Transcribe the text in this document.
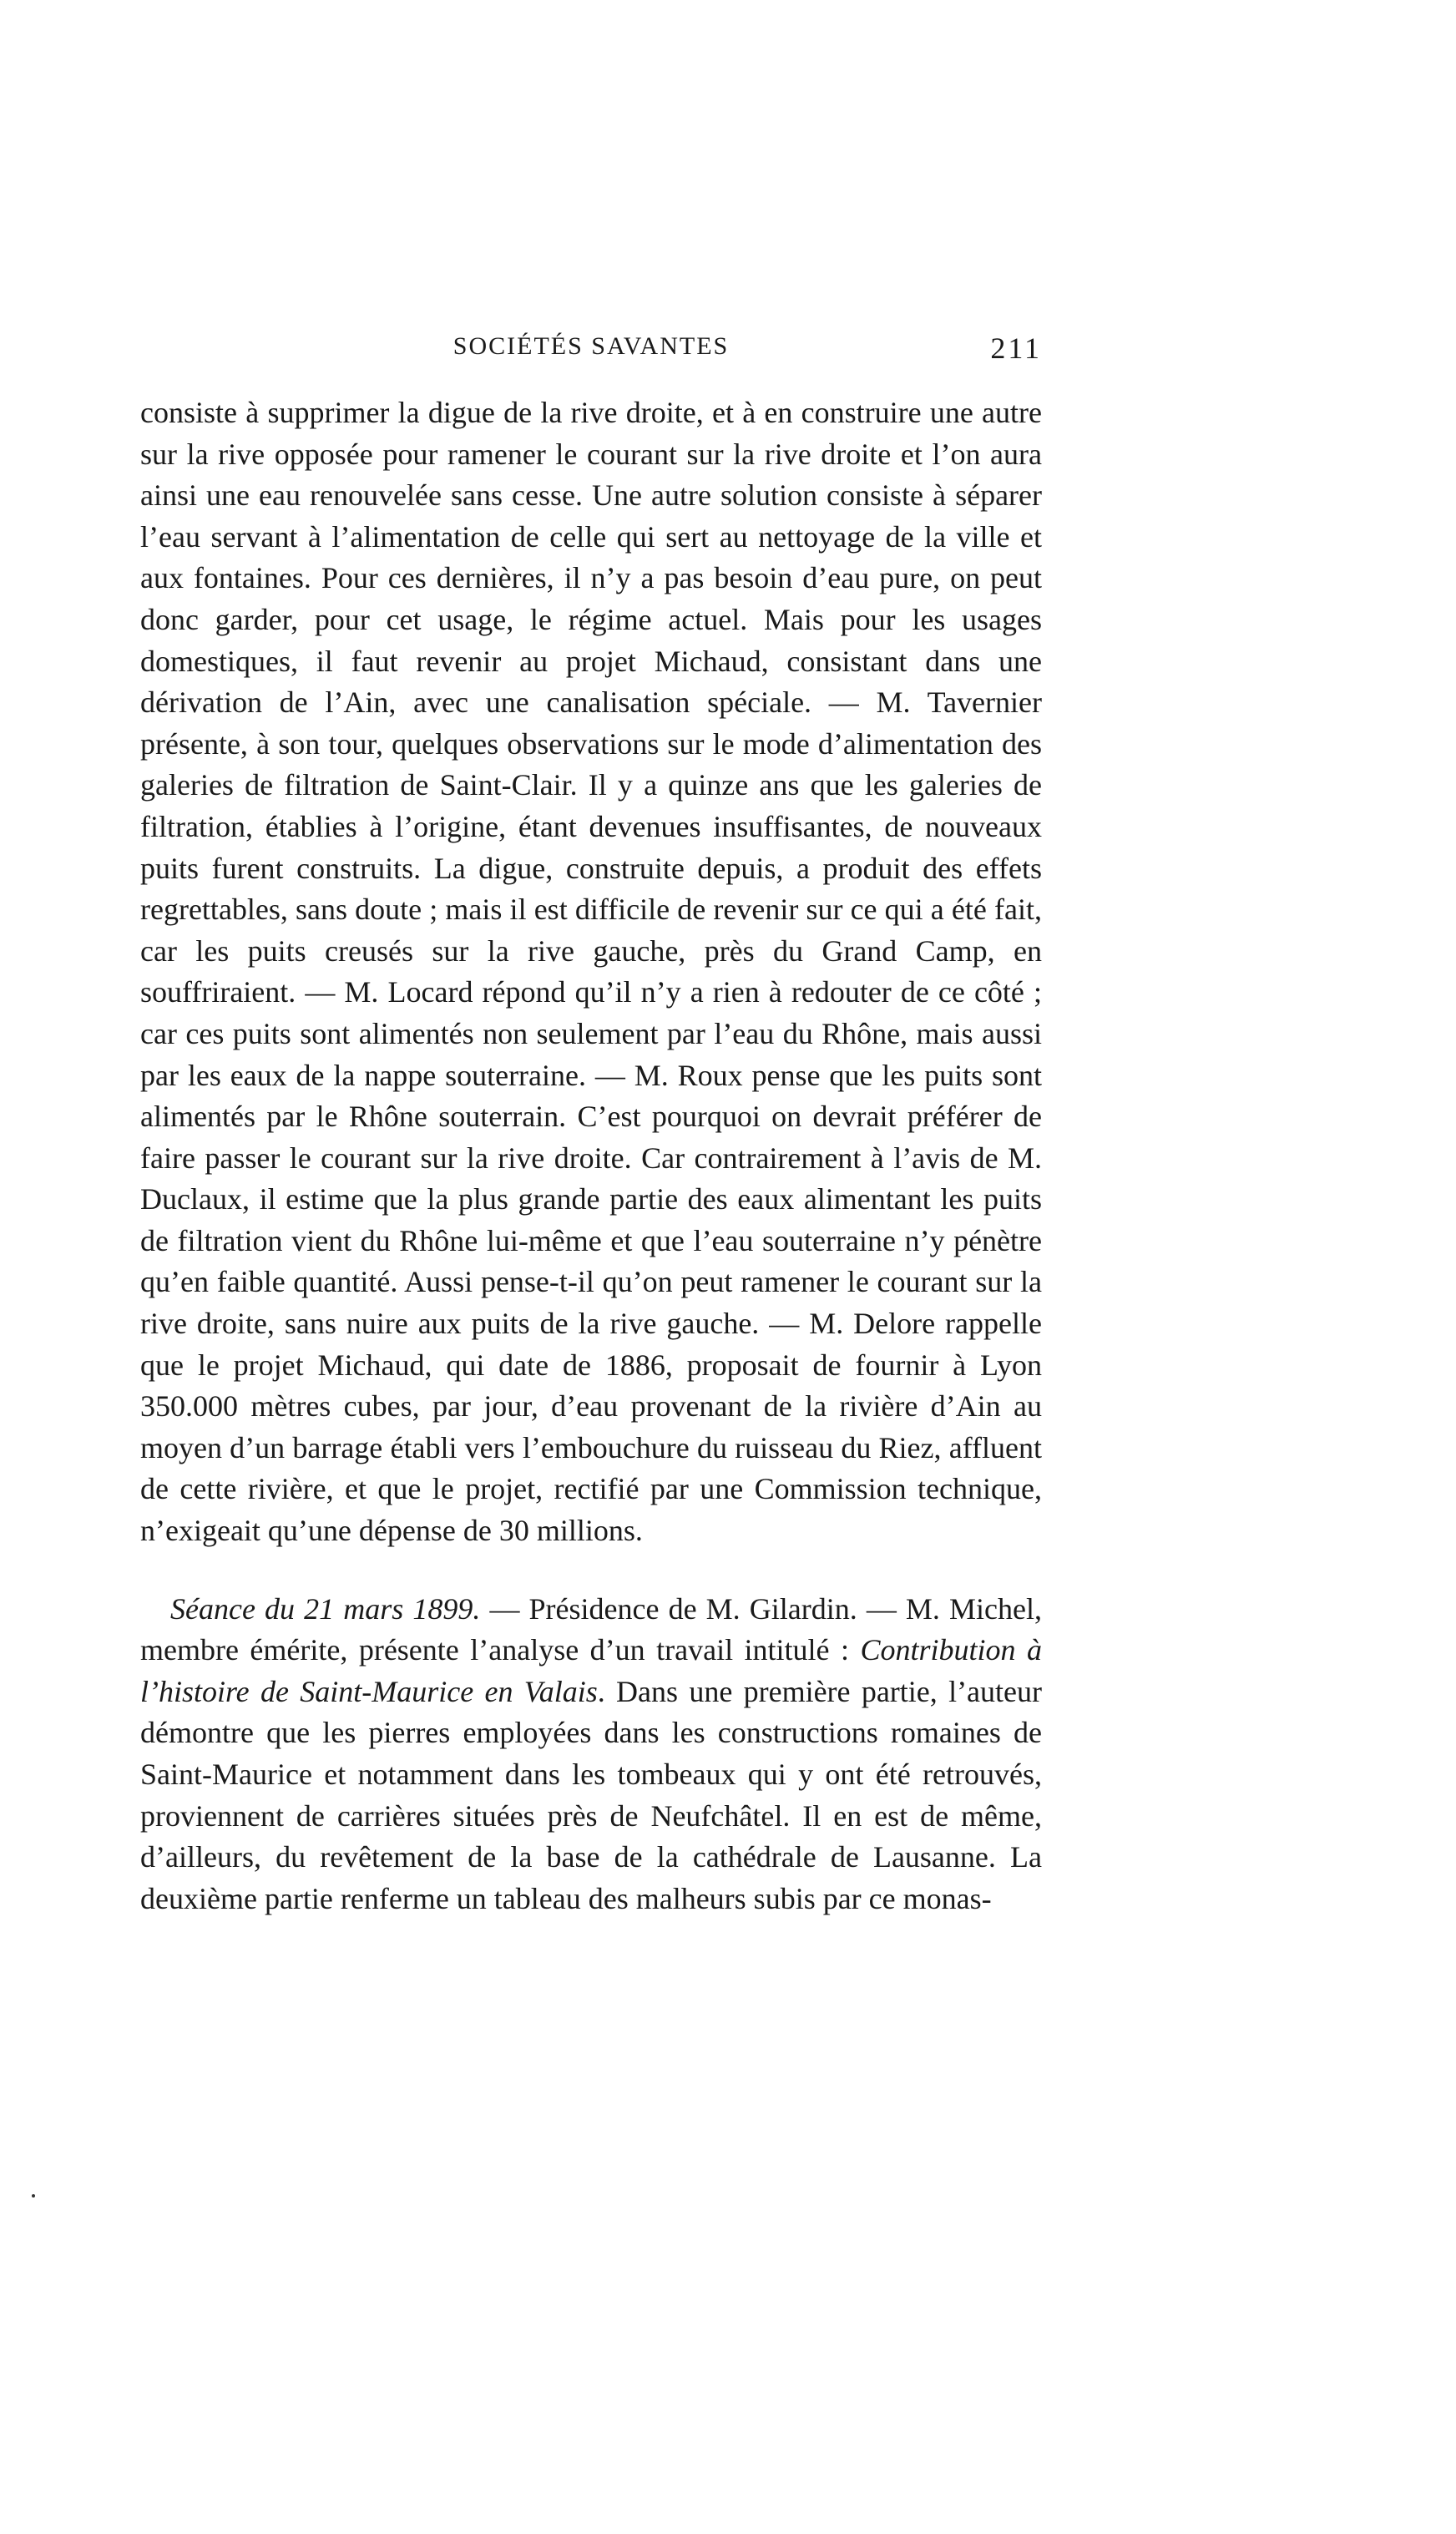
SOCIÉTÉS SAVANTES	211

consiste à supprimer la digue de la rive droite, et à en construire une autre sur la rive opposée pour ramener le courant sur la rive droite et l’on aura ainsi une eau renouvelée sans cesse. Une autre solution consiste à séparer l’eau servant à l’alimentation de celle qui sert au nettoyage de la ville et aux fontaines. Pour ces dernières, il n’y a pas besoin d’eau pure, on peut donc garder, pour cet usage, le régime actuel. Mais pour les usages domestiques, il faut revenir au projet Michaud, consistant dans une dérivation de l’Ain, avec une canalisation spéciale. — M. Tavernier présente, à son tour, quelques observations sur le mode d’alimentation des galeries de filtration de Saint-Clair. Il y a quinze ans que les galeries de filtration, établies à l’origine, étant devenues insuffisantes, de nouveaux puits furent construits. La digue, construite depuis, a produit des effets regrettables, sans doute ; mais il est difficile de revenir sur ce qui a été fait, car les puits creusés sur la rive gauche, près du Grand Camp, en souffriraient. — M. Locard répond qu’il n’y a rien à redouter de ce côté ; car ces puits sont alimentés non seulement par l’eau du Rhône, mais aussi par les eaux de la nappe souterraine. — M. Roux pense que les puits sont alimentés par le Rhône souterrain. C’est pourquoi on devrait préférer de faire passer le courant sur la rive droite. Car contrairement à l’avis de M. Duclaux, il estime que la plus grande partie des eaux alimentant les puits de filtration vient du Rhône lui-même et que l’eau souterraine n’y pénètre qu’en faible quantité. Aussi pense-t-il qu’on peut ramener le courant sur la rive droite, sans nuire aux puits de la rive gauche. — M. Delore rappelle que le projet Michaud, qui date de 1886, proposait de fournir à Lyon 350.000 mètres cubes, par jour, d’eau provenant de la rivière d’Ain au moyen d’un barrage établi vers l’embouchure du ruisseau du Riez, affluent de cette rivière, et que le projet, rectifié par une Commission technique, n’exigeait qu’une dépense de 30 millions.

Séance du 21 mars 1899. — Présidence de M. Gilardin. — M. Michel, membre émérite, présente l’analyse d’un travail intitulé : Contribution à l’histoire de Saint-Maurice en Valais. Dans une première partie, l’auteur démontre que les pierres employées dans les constructions romaines de Saint-Maurice et notamment dans les tombeaux qui y ont été retrouvés, proviennent de carrières situées près de Neufchâtel. Il en est de même, d’ailleurs, du revêtement de la base de la cathédrale de Lausanne. La deuxième partie renferme un tableau des malheurs subis par ce monas-
